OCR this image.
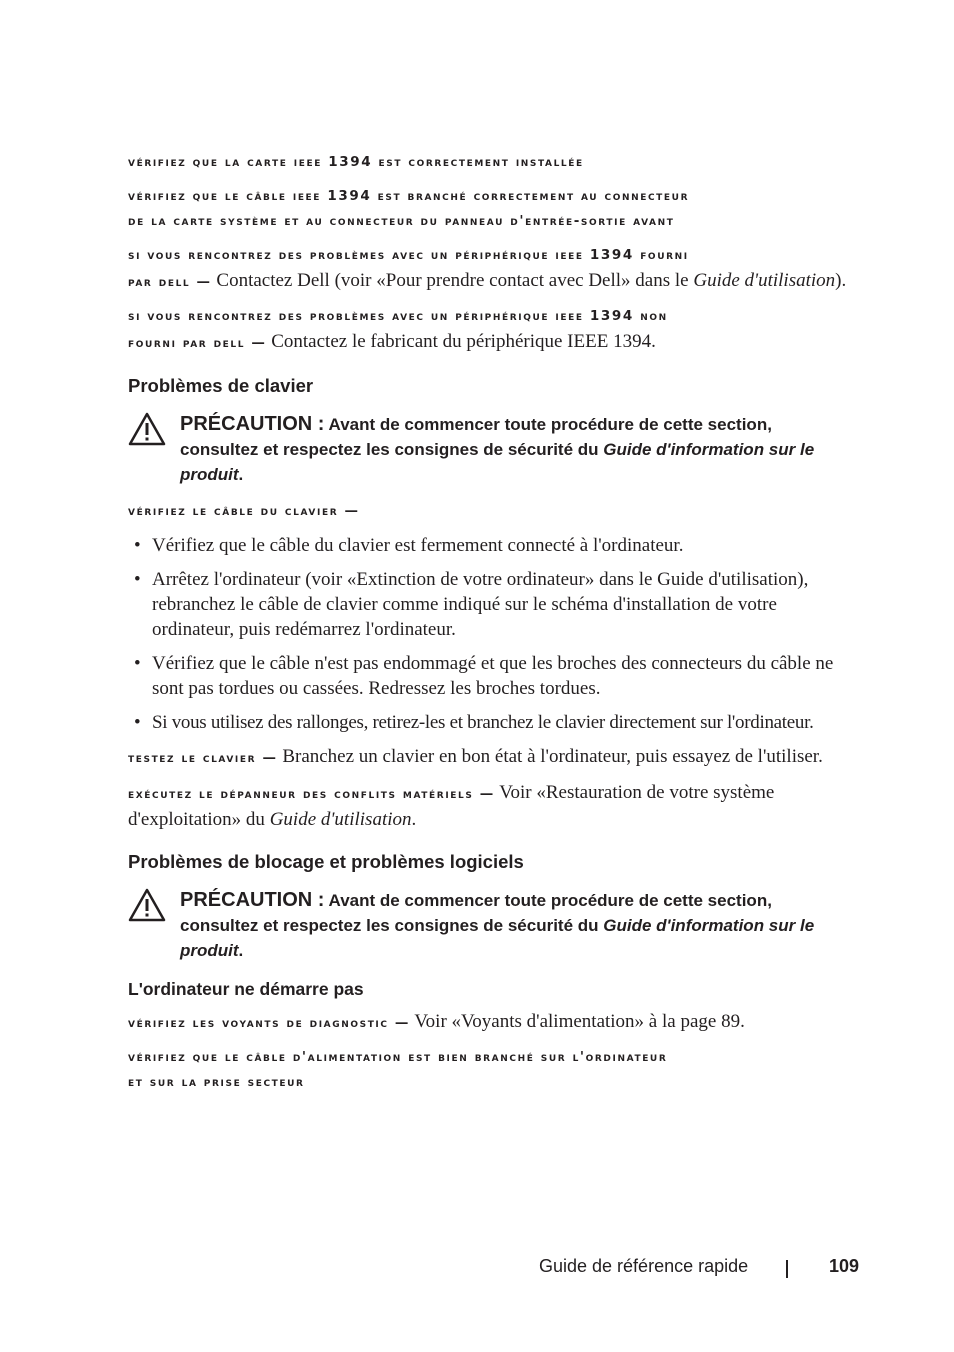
vérifiez que la carte ieee 1394 est correctement installée

vérifiez que le câble ieee 1394 est branché correctement au connecteur

de la carte système et au connecteur du panneau d'entrée-sortie avant

si vous rencontrez des problèmes avec un périphérique ieee 1394 fourni

par dell — Contactez Dell (voir «Pour prendre contact avec Dell» dans le Guide d'utilisation).

si vous rencontrez des problèmes avec un périphérique ieee 1394 non

fourni par dell — Contactez le fabricant du périphérique IEEE 1394.

Problèmes de clavier
PRÉCAUTION : Avant de commencer toute procédure de cette section, consultez et respectez les consignes de sécurité du Guide d'information sur le produit.

vérifiez le câble du clavier —

• Vérifiez que le câble du clavier est fermement connecté à l'ordinateur.
• Arrêtez l'ordinateur (voir «Extinction de votre ordinateur» dans le Guide d'utilisation), rebranchez le câble de clavier comme indiqué sur le schéma d'installation de votre ordinateur, puis redémarrez l'ordinateur.
• Vérifiez que le câble n'est pas endommagé et que les broches des connecteurs du câble ne sont pas tordues ou cassées. Redressez les broches tordues.
• Si vous utilisez des rallonges, retirez-les et branchez le clavier directement sur l'ordinateur.

testez le clavier — Branchez un clavier en bon état à l'ordinateur, puis essayez de l'utiliser.

exécutez le dépanneur des conflits matériels — Voir «Restauration de votre système d'exploitation» du Guide d'utilisation.

Problèmes de blocage et problèmes logiciels
PRÉCAUTION : Avant de commencer toute procédure de cette section, consultez et respectez les consignes de sécurité du Guide d'information sur le produit.
L'ordinateur ne démarre pas

vérifiez les voyants de diagnostic — Voir «Voyants d'alimentation» à la page 89.

vérifiez que le câble d'alimentation est bien branché sur l'ordinateur

et sur la prise secteur

Guide de référence rapide	109
